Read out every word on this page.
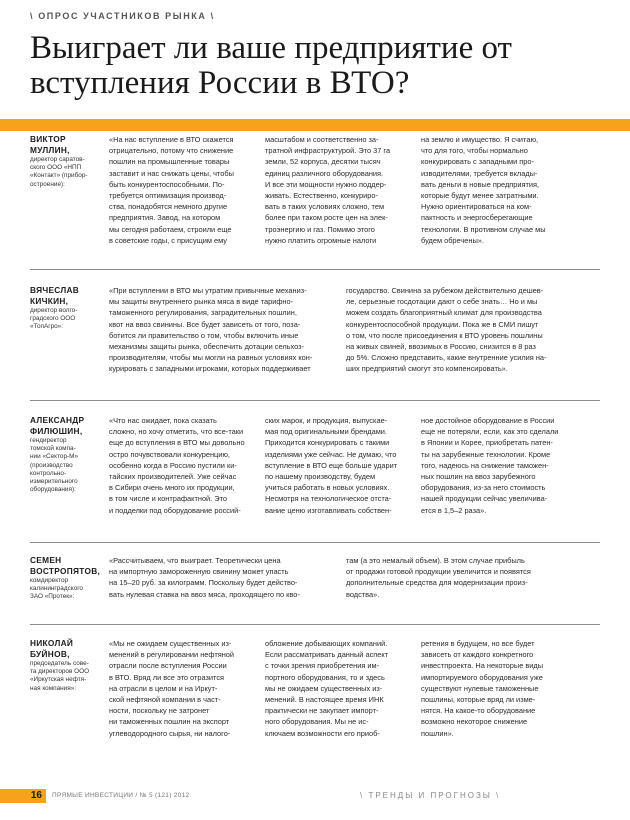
\ ОПРОС УЧАСТНИКОВ РЫНКА \
Выиграет ли ваше предприятие от вступления России в ВТО?
ВИКТОР
МУЛЛИН,
директор саратов-
ского ООО «НПП
«Контакт» (прибор-
остроение):
«На нас вступление в ВТО скажется
отрицательно, потому что снижение
пошлин на промышленные товары
заставит и нас снижать цены, чтобы
быть конкурентоспособными. По-
требуется оптимизация производ-
ства, понадобятся немного другие
предприятия. Завод, на котором
мы сегодня работаем, строили еще
в советские годы, с присущим ему
масштабом и соответственно за-
тратной инфраструктурой. Это 37 га
земли, 52 корпуса, десятки тысяч
единиц различного оборудования.
И все эти мощности нужно поддер-
живать. Естественно, конкуриро-
вать в таких условиях сложно, тем
более при таком росте цен на элек-
троэнергию и газ. Помимо этого
нужно платить огромные налоги
на землю и имущество. Я считаю,
что для того, чтобы нормально
конкурировать с западными про-
изводителями, требуется вклады-
вать деньги в новые предприятия,
которые будут менее затратными.
Нужно ориентироваться на ком-
пактность и энергосберегающие
технологии. В противном случае мы
будем обречены».
ВЯЧЕСЛАВ
КИЧКИН,
директор волго-
градского ООО
«ТопАгро»:
«При вступлении в ВТО мы утратим привычные механиз-
мы защиты внутреннего рынка мяса в виде тарифно-
таможенного регулирования, заградительных пошлин,
квот на ввоз свинины. Все будет зависеть от того, поза-
ботится ли правительство о том, чтобы включить иные
механизмы защиты рынка, обеспечить дотации сельхоз-
производителям, чтобы мы могли на равных условиях кон-
курировать с западными игроками, которых поддерживает
государство. Свинина за рубежом действительно дешев-
ле, серьезные госдотации дают о себе знать… Но и мы
можем создать благоприятный климат для производства
конкурентоспособной продукции. Пока же в СМИ пишут
о том, что после присоединения к ВТО уровень пошлины
на живых свиней, ввозимых в Россию, снизится в 8 раз
до 5%. Сложно представить, какие внутренние усилия на-
ших предприятий смогут это компенсировать».
АЛЕКСАНДР
ФИЛЮШИН,
гендиректор
томской компа-
нии «Сектор-М»
(производство
контрольно-
измерительного
оборудования):
«Что нас ожидает, пока сказать
сложно, но хочу отметить, что все-таки
еще до вступления в ВТО мы довольно
остро почувствовали конкуренцию,
особенно когда в Россию пустили ки-
тайских производителей. Уже сейчас
в Сибири очень много их продукции,
в том числе и контрафактной. Это
и подделки под оборудование россий-
ских марок, и продукция, выпускае-
мая под оригинальными брендами.
Приходится конкурировать с такими
изделиями уже сейчас. Не думаю, что
вступление в ВТО еще больше ударит
по нашему производству, будем
учиться работать в новых условиях.
Несмотря на технологическое отста-
вание ценю изготавливать собствен-
ное достойное оборудование в России
еще не потеряли, если, как это сделали
в Японии и Корее, приобретать патен-
ты на зарубежные технологии. Кроме
того, надеюсь на снижение таможен-
ных пошлин на ввоз зарубежного
оборудования, из-за него стоимость
нашей продукции сейчас увеличива-
ется в 1,5–2 раза».
СЕМЕН
ВОСТРОПЯТОВ,
комдиректор
калининградского
ЗАО «Протек»:
«Рассчитываем, что выиграет. Теоретически цена
на импортную замороженную свинину может упасть
на 15–20 руб. за килограмм. Поскольку будет действо-
вать нулевая ставка на ввоз мяса, проходящего по кво-
там (а это немалый объем). В этом случае прибыль
от продажи готовой продукции увеличится и появятся
дополнительные средства для модернизации произ-
водства».
НИКОЛАЙ
БУЙНОВ,
председатель сове-
та директоров ООО
«Иркутская нефтя-
ная компания»:
«Мы не ожидаем существенных из-
менений в регулировании нефтяной
отрасли после вступления России
в ВТО. Вряд ли все это отразится
на отрасли в целом и на Иркут-
ской нефтяной компании в част-
ности, поскольку не затронет
ни таможенных пошлин на экспорт
углеводородного сырья, ни налого-
обложение добывающих компаний.
Если рассматривать данный аспект
с точки зрения приобретения им-
портного оборудования, то и здесь
мы не ожидаем существенных из-
менений. В настоящее время ИНК
практически не закупает импорт-
ного оборудования. Мы не ис-
ключаем возможности его приоб-
ретения в будущем, но все будет
зависеть от каждого конкретного
инвестпроекта. На некоторые виды
импортируемого оборудования уже
существуют нулевые таможенные
пошлины, которые вряд ли изме-
нятся. На какое-то оборудование
возможно некоторое снижение
пошлин».
16	ПРЯМЫЕ ИНВЕСТИЦИИ / № 5 (121) 2012	\ ТРЕНДЫ И ПРОГНОЗЫ \
